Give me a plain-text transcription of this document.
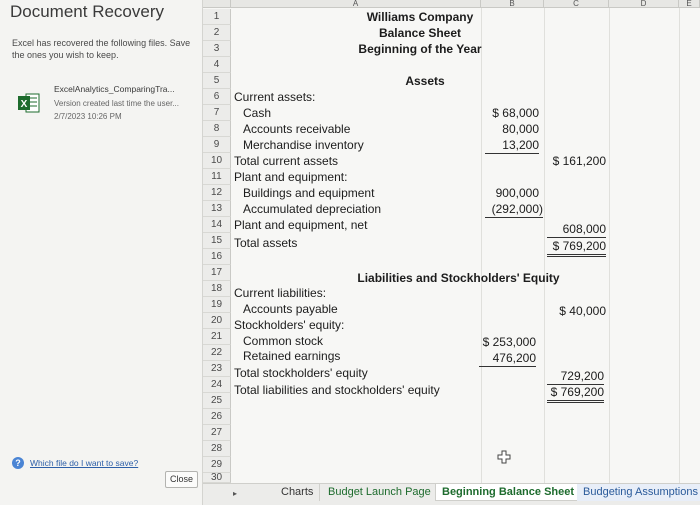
Document Recovery
Excel has recovered the following files. Save the ones you wish to keep.
X
ExcelAnalytics_ComparingTra...
Version created last time the user...
2/7/2023 10:26 PM
?	Which file do I want to save?
Close
A	B	C	D	E
1
2
3
4
5
6
7
8
9
10
11
12
13
14
15
16
17
18
19
20
21
22
23
24
25
26
27
28
29
30
Williams Company
Balance Sheet
Beginning of the Year
Assets
Current assets:
Cash	$ 68,000
Accounts receivable	80,000
Merchandise inventory	13,200
Total current assets	$ 161,200
Plant and equipment:
Buildings and equipment	900,000
Accumulated depreciation	(292,000)
Plant and equipment, net	608,000
Total assets	$ 769,200
Liabilities and Stockholders' Equity
Current liabilities:
Accounts payable	$ 40,000
Stockholders' equity:
Common stock	$ 253,000
Retained earnings	476,200
Total stockholders' equity	729,200
Total liabilities and stockholders' equity	$ 769,200
▸	Charts	Budget Launch Page	Beginning Balance Sheet Budgeting Assumptions
